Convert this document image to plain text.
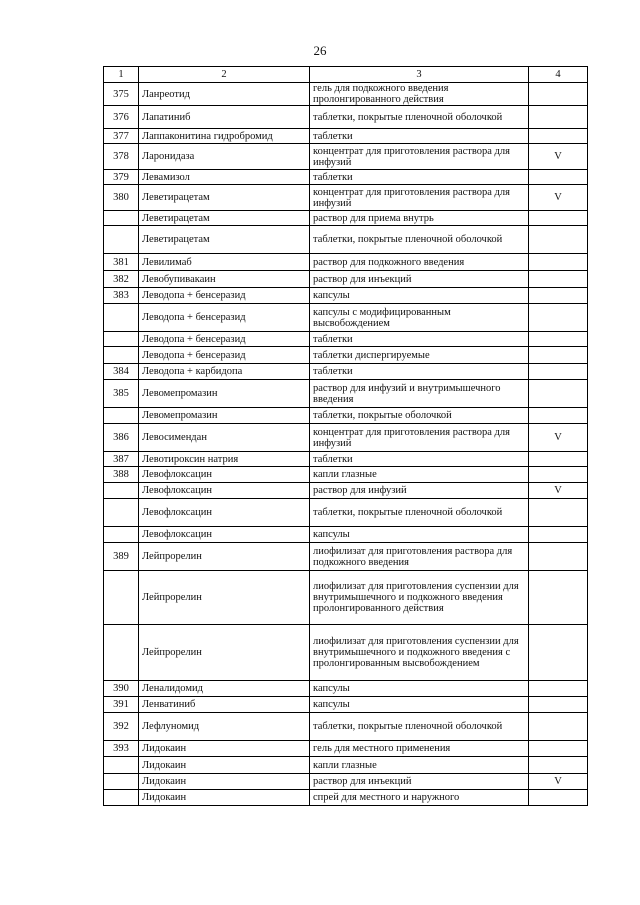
26
1	2	3	4
375	Ланреотид	гель для подкожного введения пролонгированного действия	
376	Лапатиниб	таблетки, покрытые пленочной оболочкой	
377	Лаппаконитина гидробромид	таблетки	
378	Ларонидаза	концентрат для приготовления раствора для инфузий	V
379	Левамизол	таблетки	
380	Леветирацетам	концентрат для приготовления раствора для инфузий	V
	Леветирацетам	раствор для приема внутрь	
	Леветирацетам	таблетки, покрытые пленочной оболочкой	
381	Левилимаб	раствор для подкожного введения	
382	Левобупивакаин	раствор для инъекций	
383	Леводопа + бенсеразид	капсулы	
	Леводопа + бенсеразид	капсулы с модифицированным высвобождением	
	Леводопа + бенсеразид	таблетки	
	Леводопа + бенсеразид	таблетки диспергируемые	
384	Леводопа + карбидопа	таблетки	
385	Левомепромазин	раствор для инфузий и внутримышечного введения	
	Левомепромазин	таблетки, покрытые оболочкой	
386	Левосимендан	концентрат для приготовления раствора для инфузий	V
387	Левотироксин натрия	таблетки	
388	Левофлоксацин	капли глазные	
	Левофлоксацин	раствор для инфузий	V
	Левофлоксацин	таблетки, покрытые пленочной оболочкой	
	Левофлоксацин	капсулы	
389	Лейпрорелин	лиофилизат для приготовления раствора для подкожного введения	
	Лейпрорелин	лиофилизат для приготовления суспензии для внутримышечного и подкожного введения пролонгированного действия	
	Лейпрорелин	лиофилизат для приготовления суспензии для внутримышечного и подкожного введения с пролонгированным высвобождением	
390	Леналидомид	капсулы	
391	Ленватиниб	капсулы	
392	Лефлуномид	таблетки, покрытые пленочной оболочкой	
393	Лидокаин	гель для местного применения	
	Лидокаин	капли глазные	
	Лидокаин	раствор для инъекций	V
	Лидокаин	спрей для местного и наружного	
